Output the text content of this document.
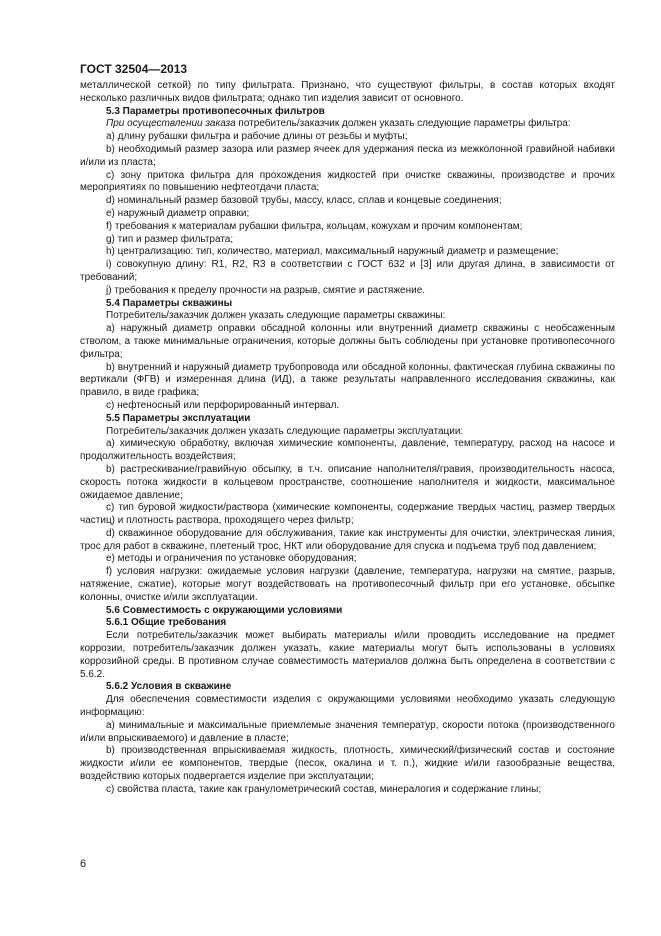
ГОСТ 32504—2013

металлической сеткой) по типу фильтрата. Признано, что существуют фильтры, в состав которых входят несколько различных видов фильтрата; однако тип изделия зависит от основного.

5.3 Параметры противопесочных фильтров

При осуществлении заказа потребитель/заказчик должен указать следующие параметры фильтра:

a) длину рубашки фильтра и рабочие длины от резьбы и муфты;

b) необходимый размер зазора или размер ячеек для удержания песка из межколонной гравийной набивки и/или из пласта;

c) зону притока фильтра для прохождения жидкостей при очистке скважины, производстве и прочих мероприятиях по повышению нефтеотдачи пласта;

d) номинальный размер базовой трубы, массу, класс, сплав и концевые соединения;

e) наружный диаметр оправки;

f) требования к материалам рубашки фильтра, кольцам, кожухам и прочим компонентам;

g) тип и размер фильтрата;

h) централизацию: тип, количество, материал, максимальный наружный диаметр и размещение;

i) совокупную длину: R1, R2, R3 в соответствии с ГОСТ 632 и [3] или другая длина, в зависимости от требований;

j) требования к пределу прочности на разрыв, смятие и растяжение.

5.4 Параметры скважины

Потребитель/заказчик должен указать следующие параметры скважины:

a) наружный диаметр оправки обсадной колонны или внутренний диаметр скважины с необсаженным стволом, а также минимальные ограничения, которые должны быть соблюдены при установке противопесочного фильтра;

b) внутренний и наружный диаметр трубопровода или обсадной колонны, фактическая глубина скважины по вертикали (ФГВ) и измеренная длина (ИД), а также результаты направленного исследования скважины, как правило, в виде графика;

c) нефтеносный или перфорированный интервал.

5.5 Параметры эксплуатации

Потребитель/заказчик должен указать следующие параметры эксплуатации:

a) химическую обработку, включая химические компоненты, давление, температуру, расход на насосе и продолжительность воздействия;

b) растрескивание/гравийную обсыпку, в т.ч. описание наполнителя/гравия, производительность насоса, скорость потока жидкости в кольцевом пространстве, соотношение наполнителя и жидкости, максимальное ожидаемое давление;

c) тип буровой жидкости/раствора (химические компоненты, содержание твердых частиц, размер твердых частиц) и плотность раствора, проходящего через фильтр;

d) скважинное оборудование для обслуживания, такие как инструменты для очистки, электрическая линия, трос для работ в скважине, плетеный трос, НКТ или оборудование для спуска и подъема труб под давлением;

e) методы и ограничения по установке оборудования;

f) условия нагрузки: ожидаемые условия нагрузки (давление, температура, нагрузки на смятие, разрыв, натяжение, сжатие), которые могут воздействовать на противопесочный фильтр при его установке, обсыпке колонны, очистке и/или эксплуатации.

5.6 Совместимость с окружающими условиями

5.6.1 Общие требования

Если потребитель/заказчик может выбирать материалы и/или проводить исследование на предмет коррозии, потребитель/заказчик должен указать, какие материалы могут быть использованы в условиях коррозийной среды. В противном случае совместимость материалов должна быть определена в соответствии с 5.6.2.

5.6.2 Условия в скважине

Для обеспечения совместимости изделия с окружающими условиями необходимо указать следующую информацию:

a) минимальные и максимальные приемлемые значения температур, скорости потока (производственного и/или впрыскиваемого) и давление в пласте;

b) производственная впрыскиваемая жидкость, плотность, химический/физический состав и состояние жидкости и/или ее компонентов, твердые (песок, окалина и т. п.), жидкие и/или газообразные вещества, воздействию которых подвергается изделие при эксплуатации;

c) свойства пласта, такие как гранулометрический состав, минералогия и содержание глины;

6
